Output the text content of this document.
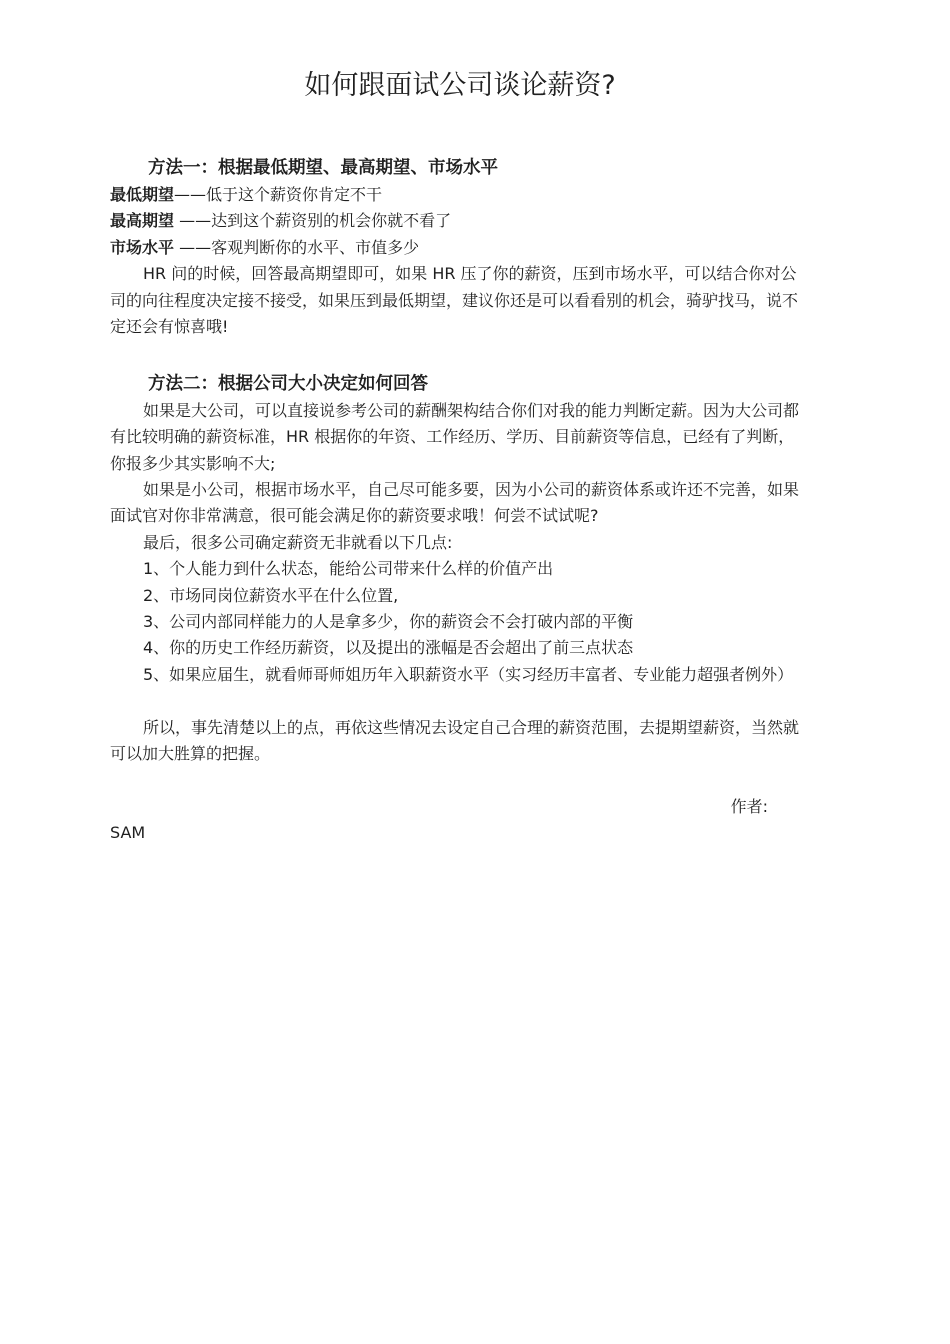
如何跟面试公司谈论薪资?

方法一：根据最低期望、最高期望、市场水平

最低期望——低于这个薪资你肯定不干

最高期望 ——达到这个薪资别的机会你就不看了

市场水平 ——客观判断你的水平、市值多少

HR 问的时候，回答最高期望即可，如果 HR 压了你的薪资，压到市场水平，可以结合你对公司的向往程度决定接不接受，如果压到最低期望，建议你还是可以看看别的机会，骑驴找马，说不定还会有惊喜哦!

方法二：根据公司大小决定如何回答

如果是大公司，可以直接说参考公司的薪酬架构结合你们对我的能力判断定薪。因为大公司都有比较明确的薪资标准，HR 根据你的年资、工作经历、学历、目前薪资等信息，已经有了判断，你报多少其实影响不大;

如果是小公司，根据市场水平，自己尽可能多要，因为小公司的薪资体系或许还不完善，如果面试官对你非常满意，很可能会满足你的薪资要求哦！何尝不试试呢?

最后，很多公司确定薪资无非就看以下几点:

1、个人能力到什么状态，能给公司带来什么样的价值产出

2、市场同岗位薪资水平在什么位置,

3、公司内部同样能力的人是拿多少，你的薪资会不会打破内部的平衡

4、你的历史工作经历薪资，以及提出的涨幅是否会超出了前三点状态

5、如果应届生，就看师哥师姐历年入职薪资水平（实习经历丰富者、专业能力超强者例外）

所以，事先清楚以上的点，再依这些情况去设定自己合理的薪资范围，去提期望薪资，当然就可以加大胜算的把握。

作者:

SAM
